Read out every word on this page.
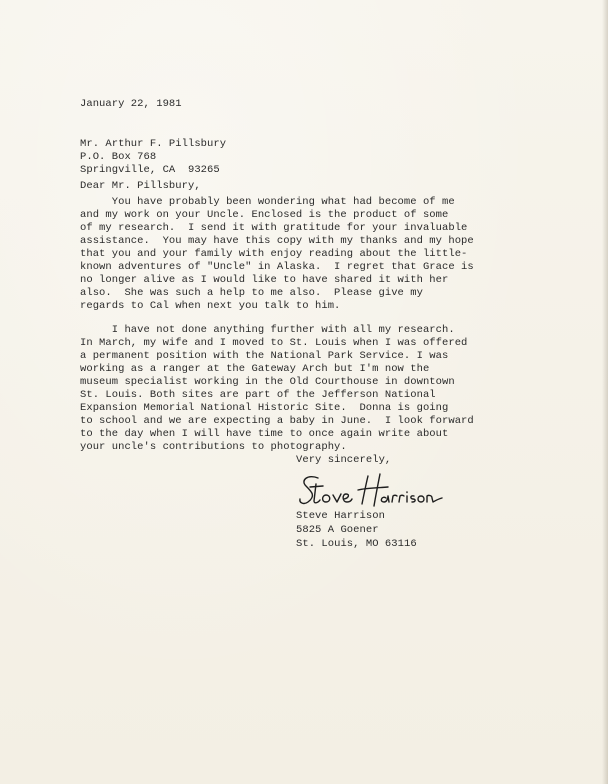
January 22, 1981
Mr. Arthur F. Pillsbury
P.O. Box 768
Springville, CA  93265
Dear Mr. Pillsbury,
You have probably been wondering what had become of me
and my work on your Uncle. Enclosed is the product of some
of my research.  I send it with gratitude for your invaluable
assistance.  You may have this copy with my thanks and my hope
that you and your family with enjoy reading about the little-
known adventures of "Uncle" in Alaska.  I regret that Grace is
no longer alive as I would like to have shared it with her
also.  She was such a help to me also.  Please give my
regards to Cal when next you talk to him.
I have not done anything further with all my research.
In March, my wife and I moved to St. Louis when I was offered
a permanent position with the National Park Service. I was
working as a ranger at the Gateway Arch but I'm now the
museum specialist working in the Old Courthouse in downtown
St. Louis. Both sites are part of the Jefferson National
Expansion Memorial National Historic Site.  Donna is going
to school and we are expecting a baby in June.  I look forward
to the day when I will have time to once again write about
your uncle's contributions to photography.
Very sincerely,
Steve Harrison
5825 A Goener
St. Louis, MO 63116
